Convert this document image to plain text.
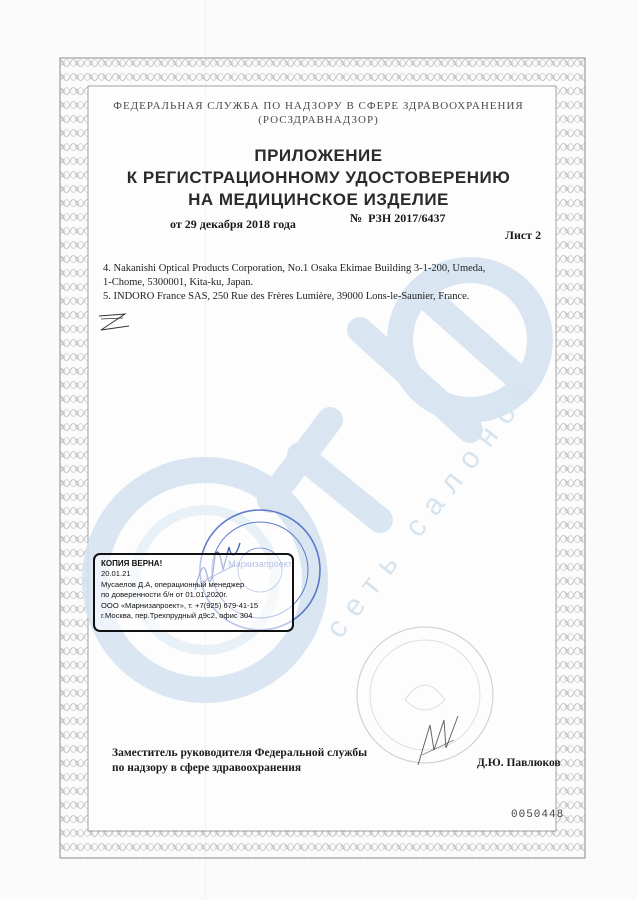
сеть салонов
ФЕДЕРАЛЬНАЯ СЛУЖБА ПО НАДЗОРУ В СФЕРЕ ЗДРАВООХРАНЕНИЯ
(РОСЗДРАВНАДЗОР)
ПРИЛОЖЕНИЕ
К РЕГИСТРАЦИОННОМУ УДОСТОВЕРЕНИЮ
НА МЕДИЦИНСКОЕ ИЗДЕЛИЕ
от 29 декабря 2018 года	№ РЗН 2017/6437
Лист 2

4. Nakanishi Optical Products Corporation, No.1 Osaka Ekimae Building 3-1-200, Umeda,

1-Chome, 5300001, Kita-ku, Japan.

5. INDORO France SAS, 250 Rue des Frères Lumière, 39000 Lons-le-Saunier, France.

КОПИЯ ВЕРНА!
20.01.21
Мусаелов Д.А, операционный менеджер
по доверенности б/н от 01.01.2020г.
ООО «Марнизапроект», т. +7(925) 679-41-15
г.Москва, пер.Трехпрудный д9с2, офис 304
Заместитель руководителя Федеральной службы
по надзору в сфере здравоохранения	Д.Ю. Павлюков
0050448
